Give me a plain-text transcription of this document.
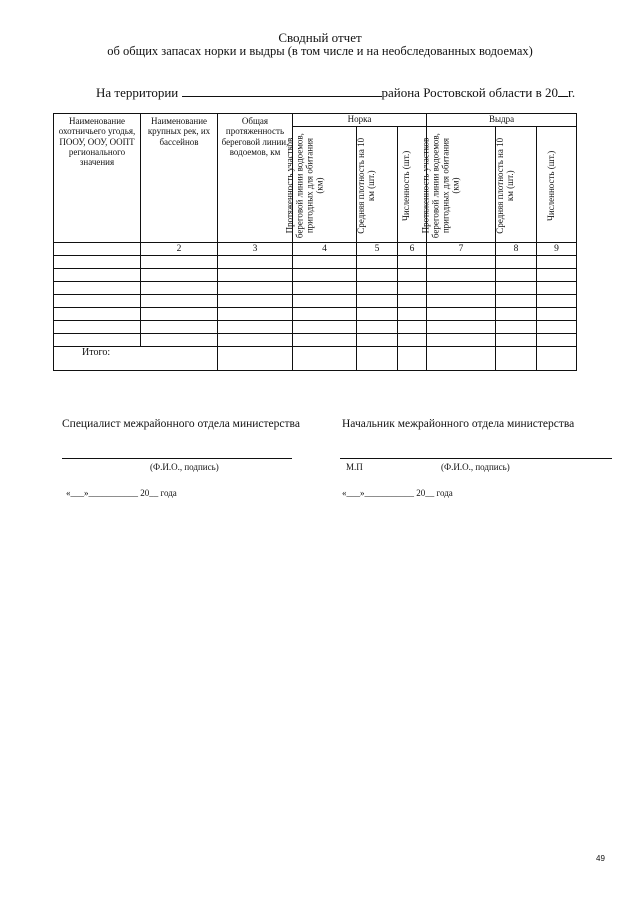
Сводный отчет
об общих запасах норки и выдры (в том числе и на необследованных водоемах)
На территории	района Ростовской области в 20 г.
Наименование охотничьего угодья, ПООУ, ООУ, ООПТ регионального значения	Наименование крупных рек, их бассейнов	Общая протяженность береговой линии, водоемов, км	Норка			Выдра		

			Протяженность участков береговой линии водоемов, пригодных для обитания (км)	Средняя плотность на 10 км (шт.)	Численность (шт.)	Протяженность участков береговой линии водоемов, пригодных для обитания (км)	Средняя плотность на 10 км (шт.)	Численность (шт.)

	2	3	4	5	6	7	8	9

Итого:								
Специалист межрайонного отдела министерства	Начальник межрайонного отдела министерства
(Ф.И.О., подпись)	М.П	(Ф.И.О., подпись)
«___»___________ 20__ года	«___»___________ 20__ года
49
